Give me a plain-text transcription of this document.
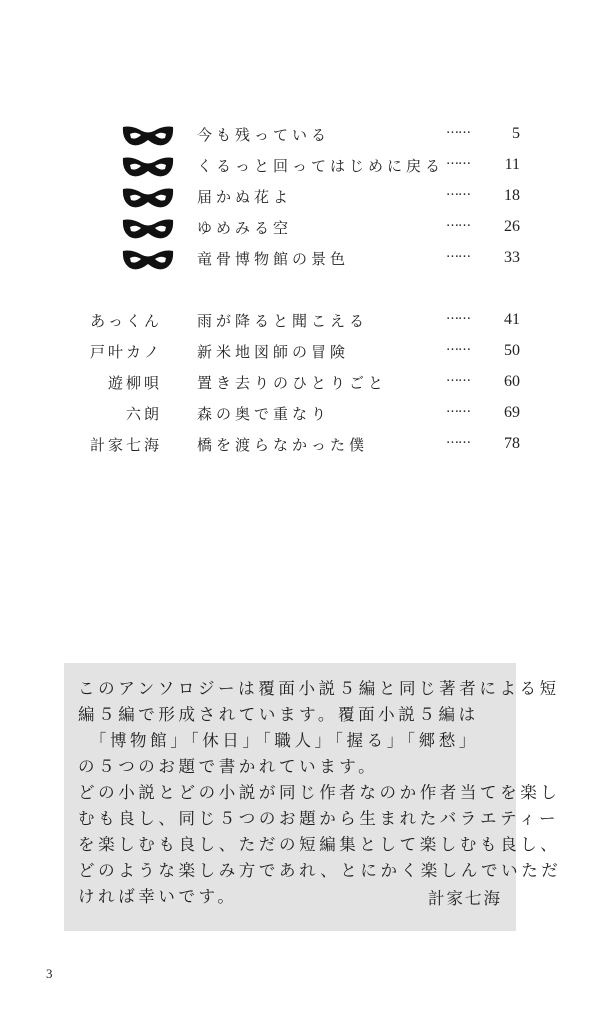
今も残っている	……	5
くるっと回ってはじめに戻る …… 11
届かぬ花よ	…… 18
ゆめみる空	…… 26
竜骨博物館の景色	…… 33
あっくん 雨が降ると聞こえる	…… 41
戸叶カノ 新米地図師の冒険	…… 50
遊柳唄 置き去りのひとりごと	…… 60
六朗 森の奥で重なり	…… 69
計家七海 橋を渡らなかった僕	…… 78
このアンソロジーは覆面小説５編と同じ著者による短
編５編で形成されています。覆面小説５編は
　「博物館」「休日」「職人」「握る」「郷愁」
の５つのお題で書かれています。
どの小説とどの小説が同じ作者なのか作者当てを楽し
むも良し、同じ５つのお題から生まれたバラエティー
を楽しむも良し、ただの短編集として楽しむも良し、
どのような楽しみ方であれ、とにかく楽しんでいただ
ければ幸いです。	計家七海
3
